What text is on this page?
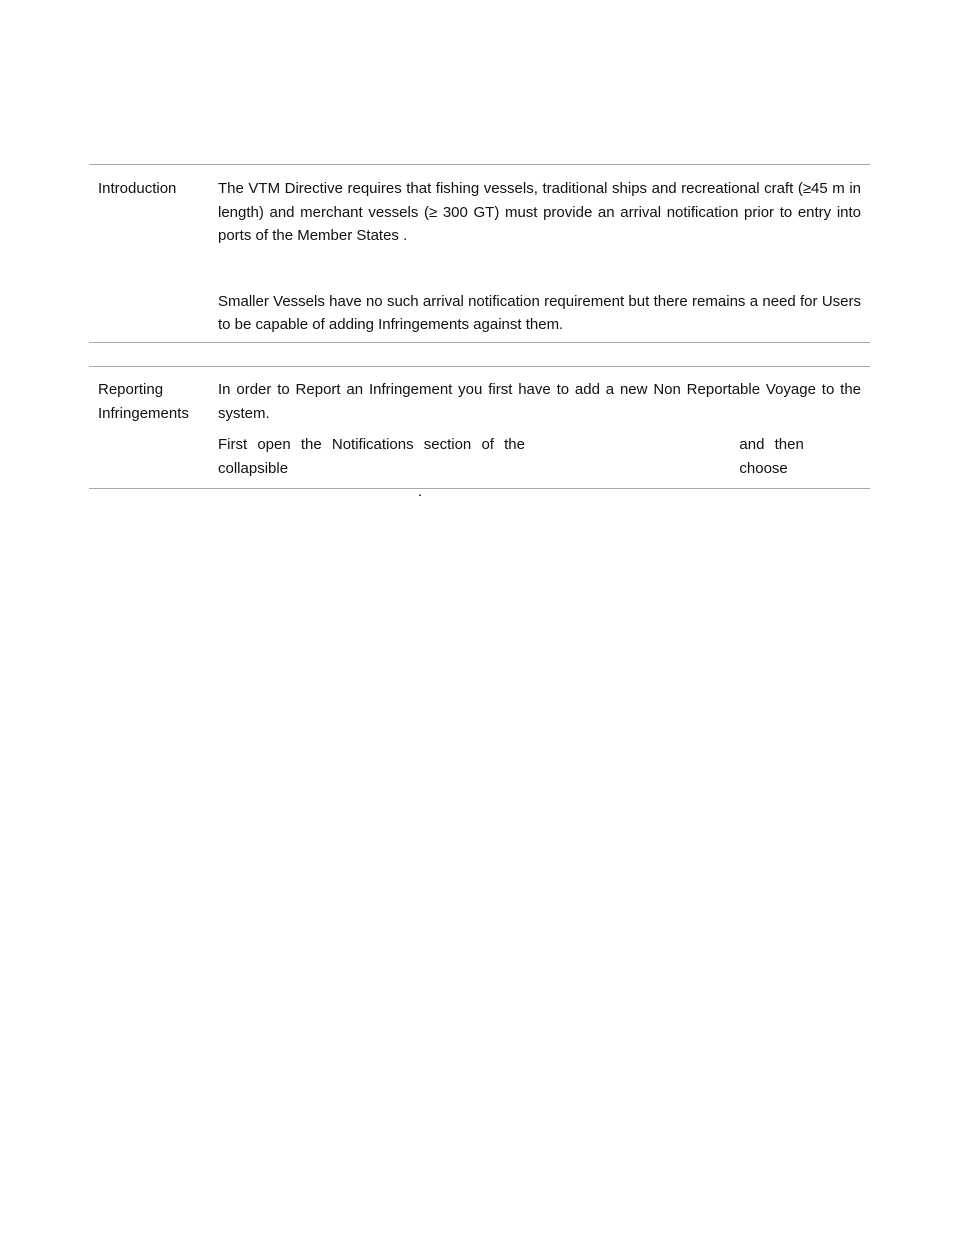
Introduction	The VTM Directive requires that fishing vessels, traditional ships and recreational craft (≥45 m in length) and merchant vessels (≥ 300 GT) must provide an arrival notification prior to entry into ports of the Member States .

Smaller Vessels have no such arrival notification requirement but there remains a need for Users to be capable of adding Infringements against them.

Reporting Infringements

In order to Report an Infringement you first have to add a new Non Reportable Voyage to the system.

First open the Notifications section of the collapsible
and then choose
.
